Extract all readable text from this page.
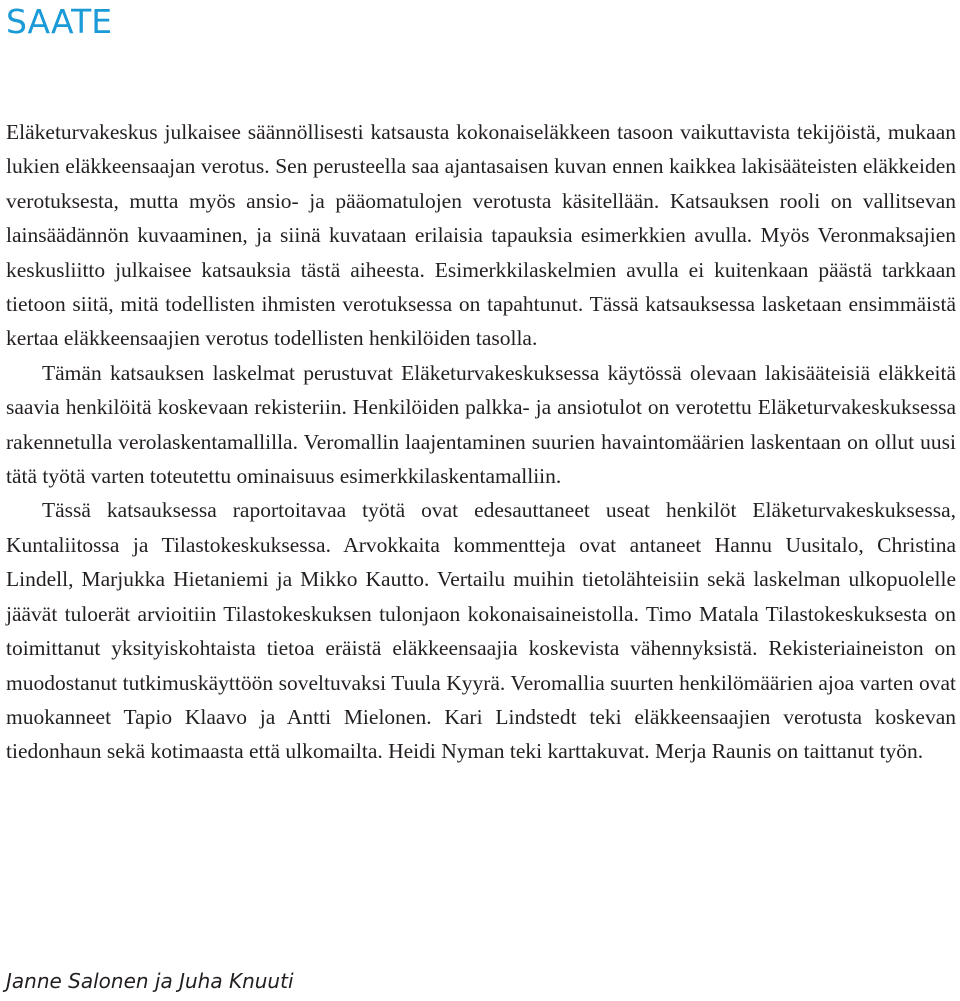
SAATE

Eläketurvakeskus julkaisee säännöllisesti katsausta kokonaiseläkkeen tasoon vaikuttavista tekijöistä, mukaan lukien eläkkeensaajan verotus. Sen perusteella saa ajantasaisen kuvan ennen kaikkea lakisääteisten eläkkeiden verotuksesta, mutta myös ansio- ja pääomatulojen verotusta käsitellään. Katsauksen rooli on vallitsevan lainsäädännön kuvaaminen, ja siinä kuvataan erilaisia tapauksia esimerkkien avulla. Myös Veronmaksajien keskusliitto julkaisee katsauksia tästä aiheesta. Esimerkkilaskelmien avulla ei kuitenkaan päästä tarkkaan tietoon siitä, mitä todellisten ihmisten verotuksessa on tapahtunut. Tässä katsauksessa lasketaan ensimmäistä kertaa eläkkeensaajien verotus todellisten henkilöiden tasolla.

Tämän katsauksen laskelmat perustuvat Eläketurvakeskuksessa käytössä olevaan lakisääteisiä eläkkeitä saavia henkilöitä koskevaan rekisteriin. Henkilöiden palkka- ja ansiotulot on verotettu Eläketurvakeskuksessa rakennetulla verolaskentamallilla. Veromallin laajentaminen suurien havaintomäärien laskentaan on ollut uusi tätä työtä varten toteutettu ominaisuus esimerkkilaskentamalliin.

Tässä katsauksessa raportoitavaa työtä ovat edesauttaneet useat henkilöt Eläketurvakeskuksessa, Kuntaliitossa ja Tilastokeskuksessa. Arvokkaita kommentteja ovat antaneet Hannu Uusitalo, Christina Lindell, Marjukka Hietaniemi ja Mikko Kautto. Vertailu muihin tietolähteisiin sekä laskelman ulkopuolelle jäävät tuloerät arvioitiin Tilastokeskuksen tulonjaon kokonaisaineistolla. Timo Matala Tilastokeskuksesta on toimittanut yksityiskohtaista tietoa eräistä eläkkeensaajia koskevista vähennyksistä. Rekisteriaineiston on muodostanut tutkimuskäyttöön soveltuvaksi Tuula Kyyrä. Veromallia suurten henkilömäärien ajoa varten ovat muokanneet Tapio Klaavo ja Antti Mielonen. Kari Lindstedt teki eläkkeensaajien verotusta koskevan tiedonhaun sekä kotimaasta että ulkomailta. Heidi Nyman teki karttakuvat. Merja Raunis on taittanut työn.

Janne Salonen ja Juha Knuuti
